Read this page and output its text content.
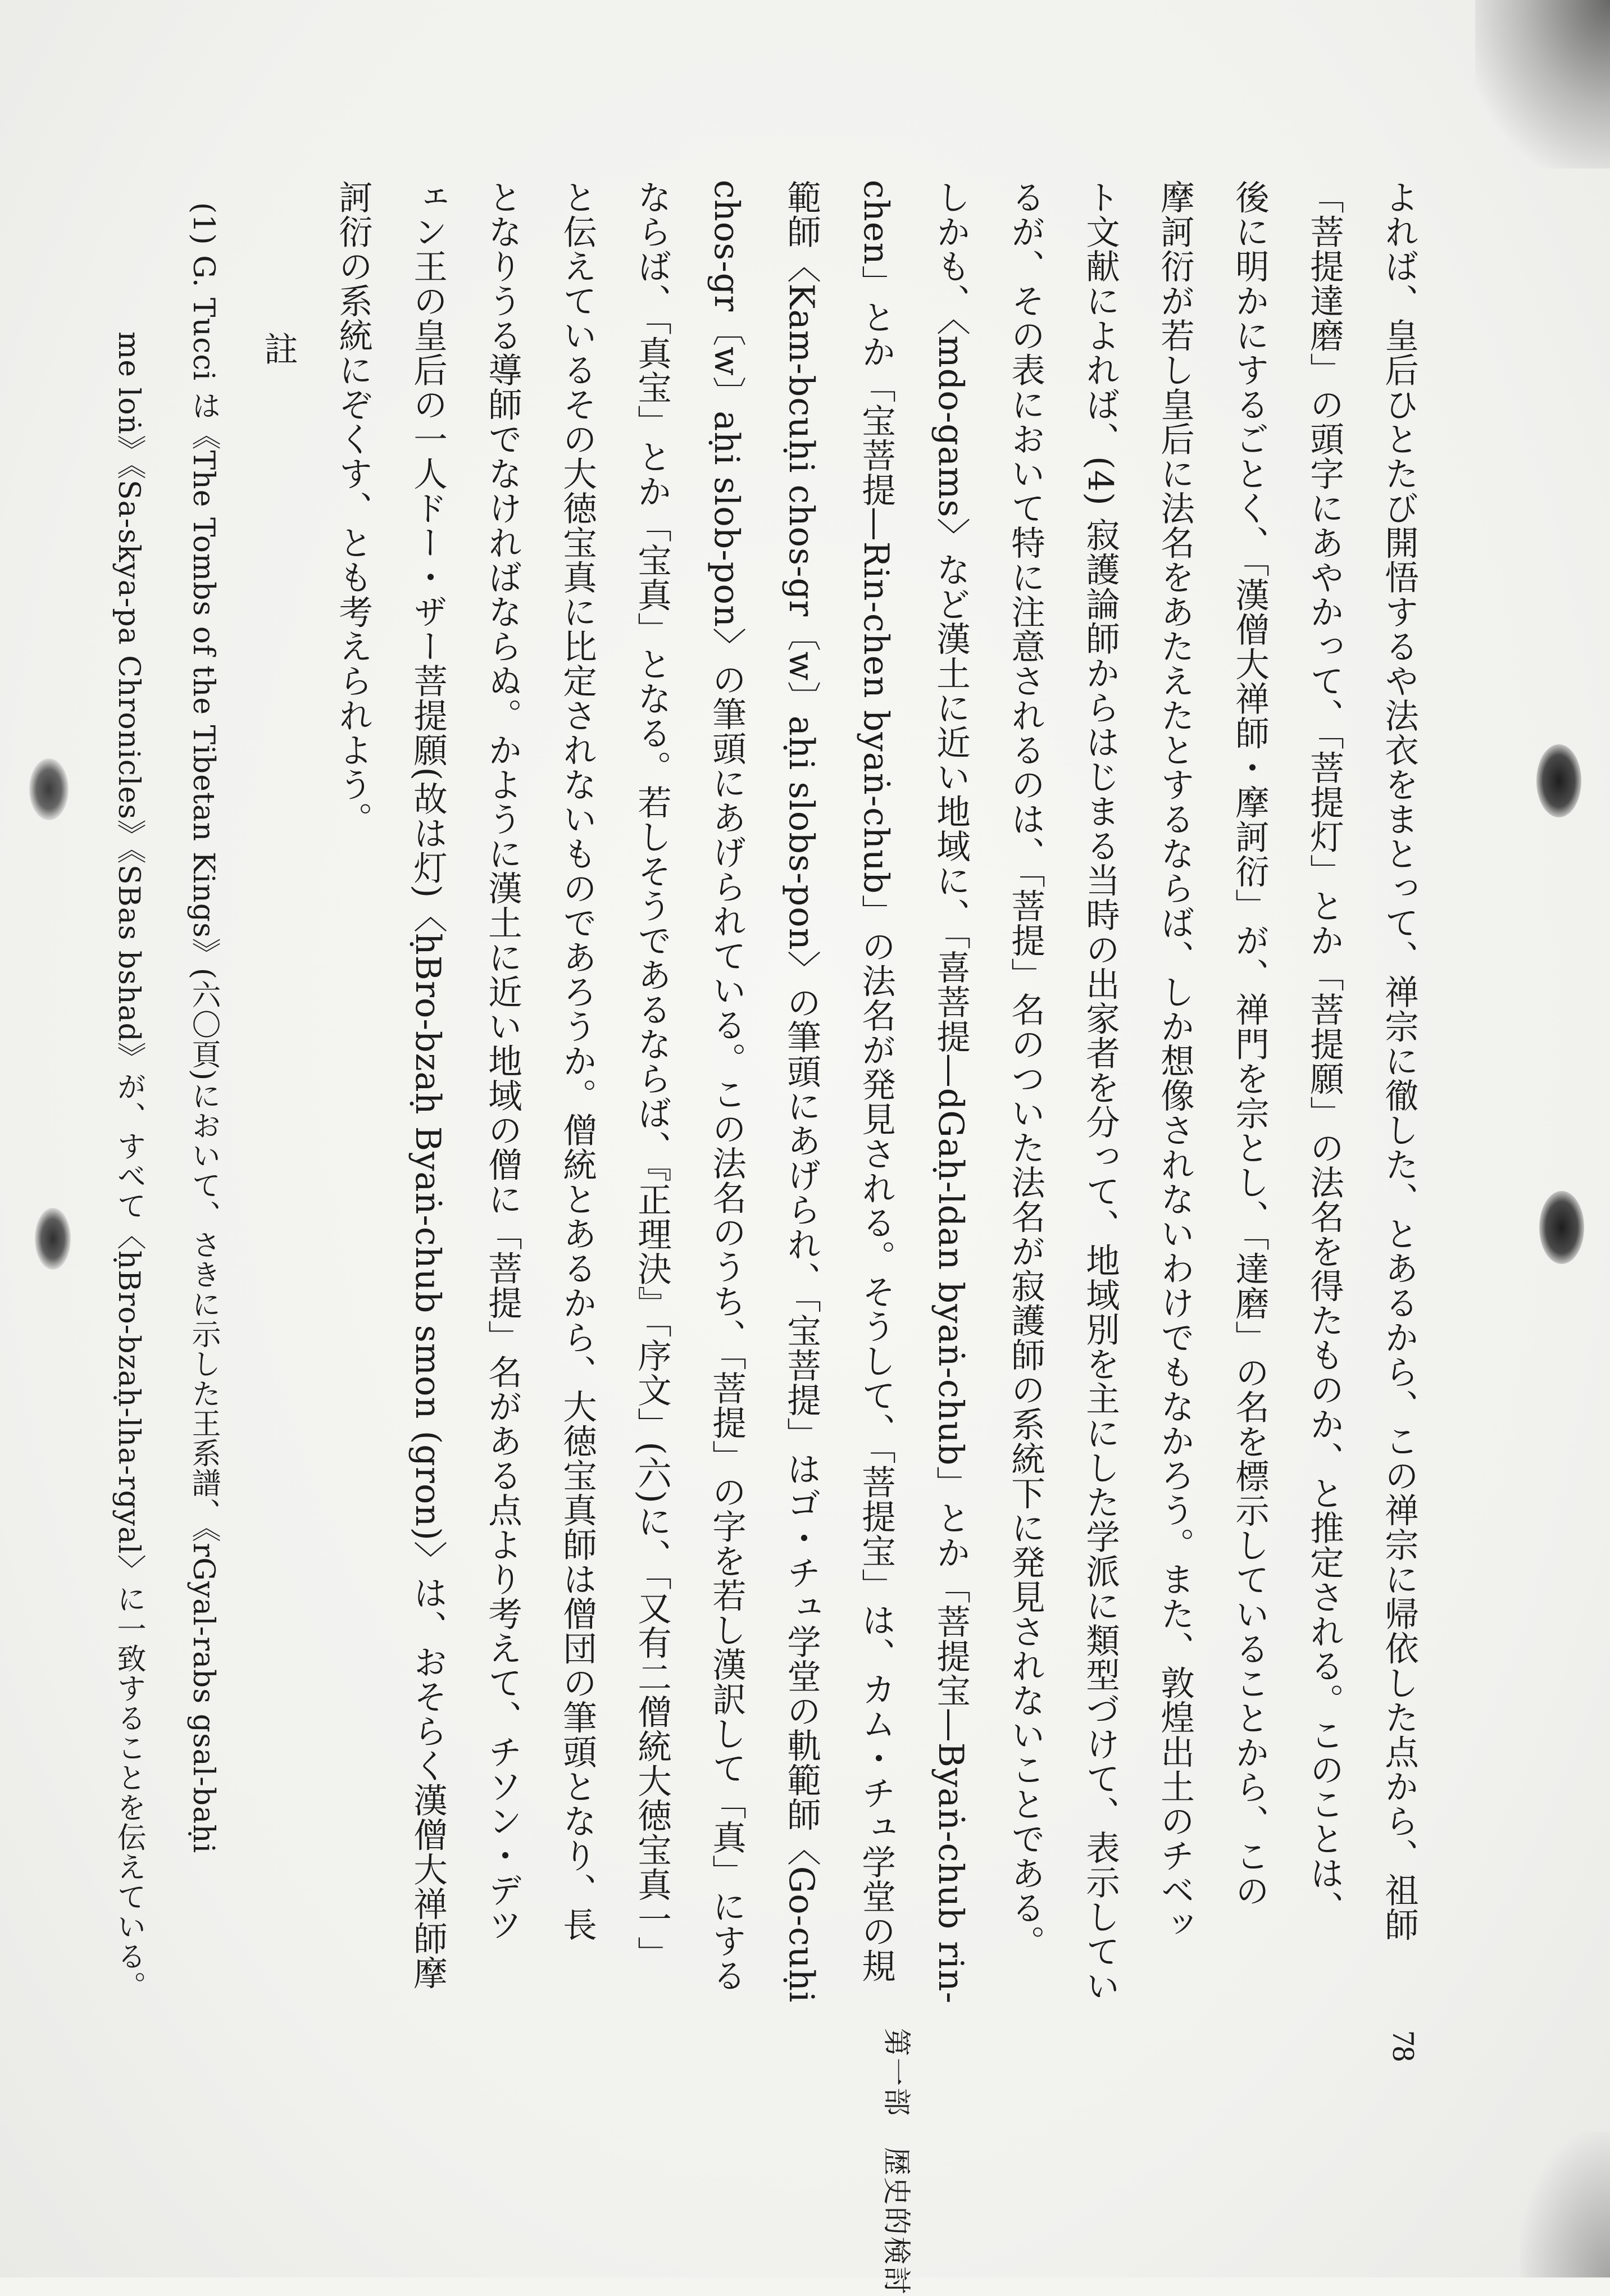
よれば、皇后ひとたび開悟するや法衣をまとって、禅宗に徹した、とあるから、この禅宗に帰依した点から、祖師
「菩提達磨」の頭字にあやかって、「菩提灯」とか「菩提願」の法名を得たものか、と推定される。このことは、
後に明かにするごとく、「漢僧大禅師・摩訶衍」が、禅門を宗とし、「達磨」の名を標示していることから、この
摩訶衍が若し皇后に法名をあたえたとするならば、しか想像されないわけでもなかろう。また、敦煌出土のチベッ
ト文献によれば、(4) 寂護論師からはじまる当時の出家者を分って、地域別を主にした学派に類型づけて、表示してい
るが、その表において特に注意されるのは、「菩提」名のついた法名が寂護師の系統下に発見されないことである。
しかも、〈mdo-gams〉など漢土に近い地域に、「喜菩提—dGaḥ-ldan byaṅ-chub」とか「菩提宝—Byaṅ-chub rin-
chen」とか「宝菩提—Rin-chen byaṅ-chub」の法名が発見される。そうして、「菩提宝」は、カム・チュ学堂の規
範師〈Kam-bcuḥi chos-gr〔w〕aḥi slobs-pon〉の筆頭にあげられ、「宝菩提」はゴ・チュ学堂の軌範師〈Go-cuḥi
chos-gr〔w〕aḥi slob-pon〉の筆頭にあげられている。この法名のうち、「菩提」の字を若し漢訳して「真」にする
ならば、「真宝」とか「宝真」となる。若しそうであるならば、『正理決』「序文」(六)に、「又有二僧統大徳宝真一」
と伝えているその大徳宝真に比定されないものであろうか。僧統とあるから、大徳宝真師は僧団の筆頭となり、長
となりうる導師でなければならぬ。かように漢土に近い地域の僧に「菩提」名がある点より考えて、チソン・デツ
ェン王の皇后の一人ドー・ザー菩提願(故は灯)〈ḥBro-bzaḥ Byaṅ-chub smon (gron)〉は、おそらく漢僧大禅師摩
訶衍の系統にぞくす、とも考えられよう。
註
(1) G. Tucci は《The Tombs of the Tibetan Kings》(六〇頁)において、さきに示した王系譜、《rGyal-rabs gsal-baḥi
me loṅ》《Sa-skya-pa Chronicles》《SBas bshad》が、すべて〈ḥBro-bzaḥ-lha-rgyal〉に一致することを伝えている。
第一部　歴史的検討	78
